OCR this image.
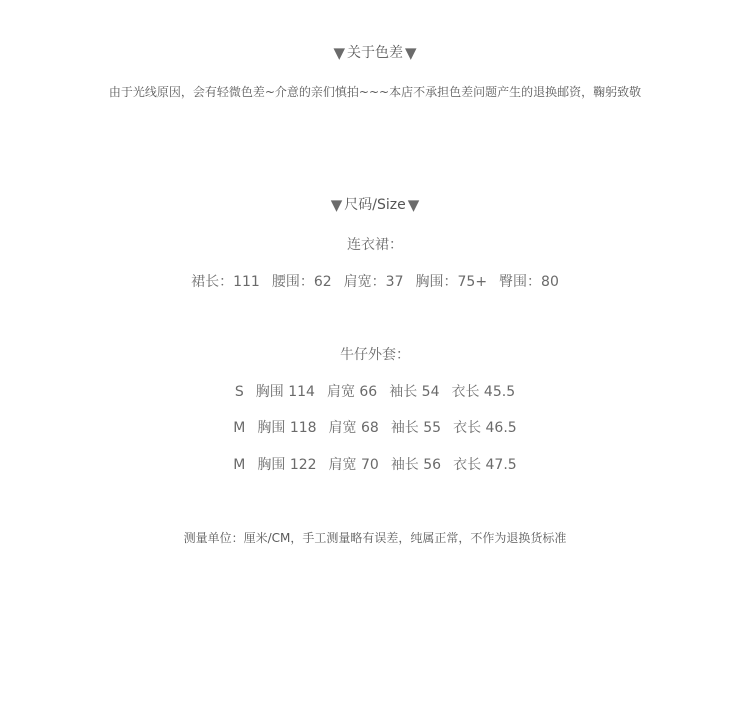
▼ 关于色差 ▼
由于光线原因，会有轻微色差~介意的亲们慎拍~~~本店不承担色差问题产生的退换邮资，鞠躬致敬
▼ 尺码/Size ▼
连衣裙：
裙长：111 腰围：62 肩宽：37 胸围：75+ 臀围：80
牛仔外套：
S 胸围 114 肩宽 66 袖长 54 衣长 45.5
M 胸围 118 肩宽 68 袖长 55 衣长 46.5
M 胸围 122 肩宽 70 袖长 56 衣长 47.5
测量单位：厘米/CM，手工测量略有误差，纯属正常，不作为退换货标准
